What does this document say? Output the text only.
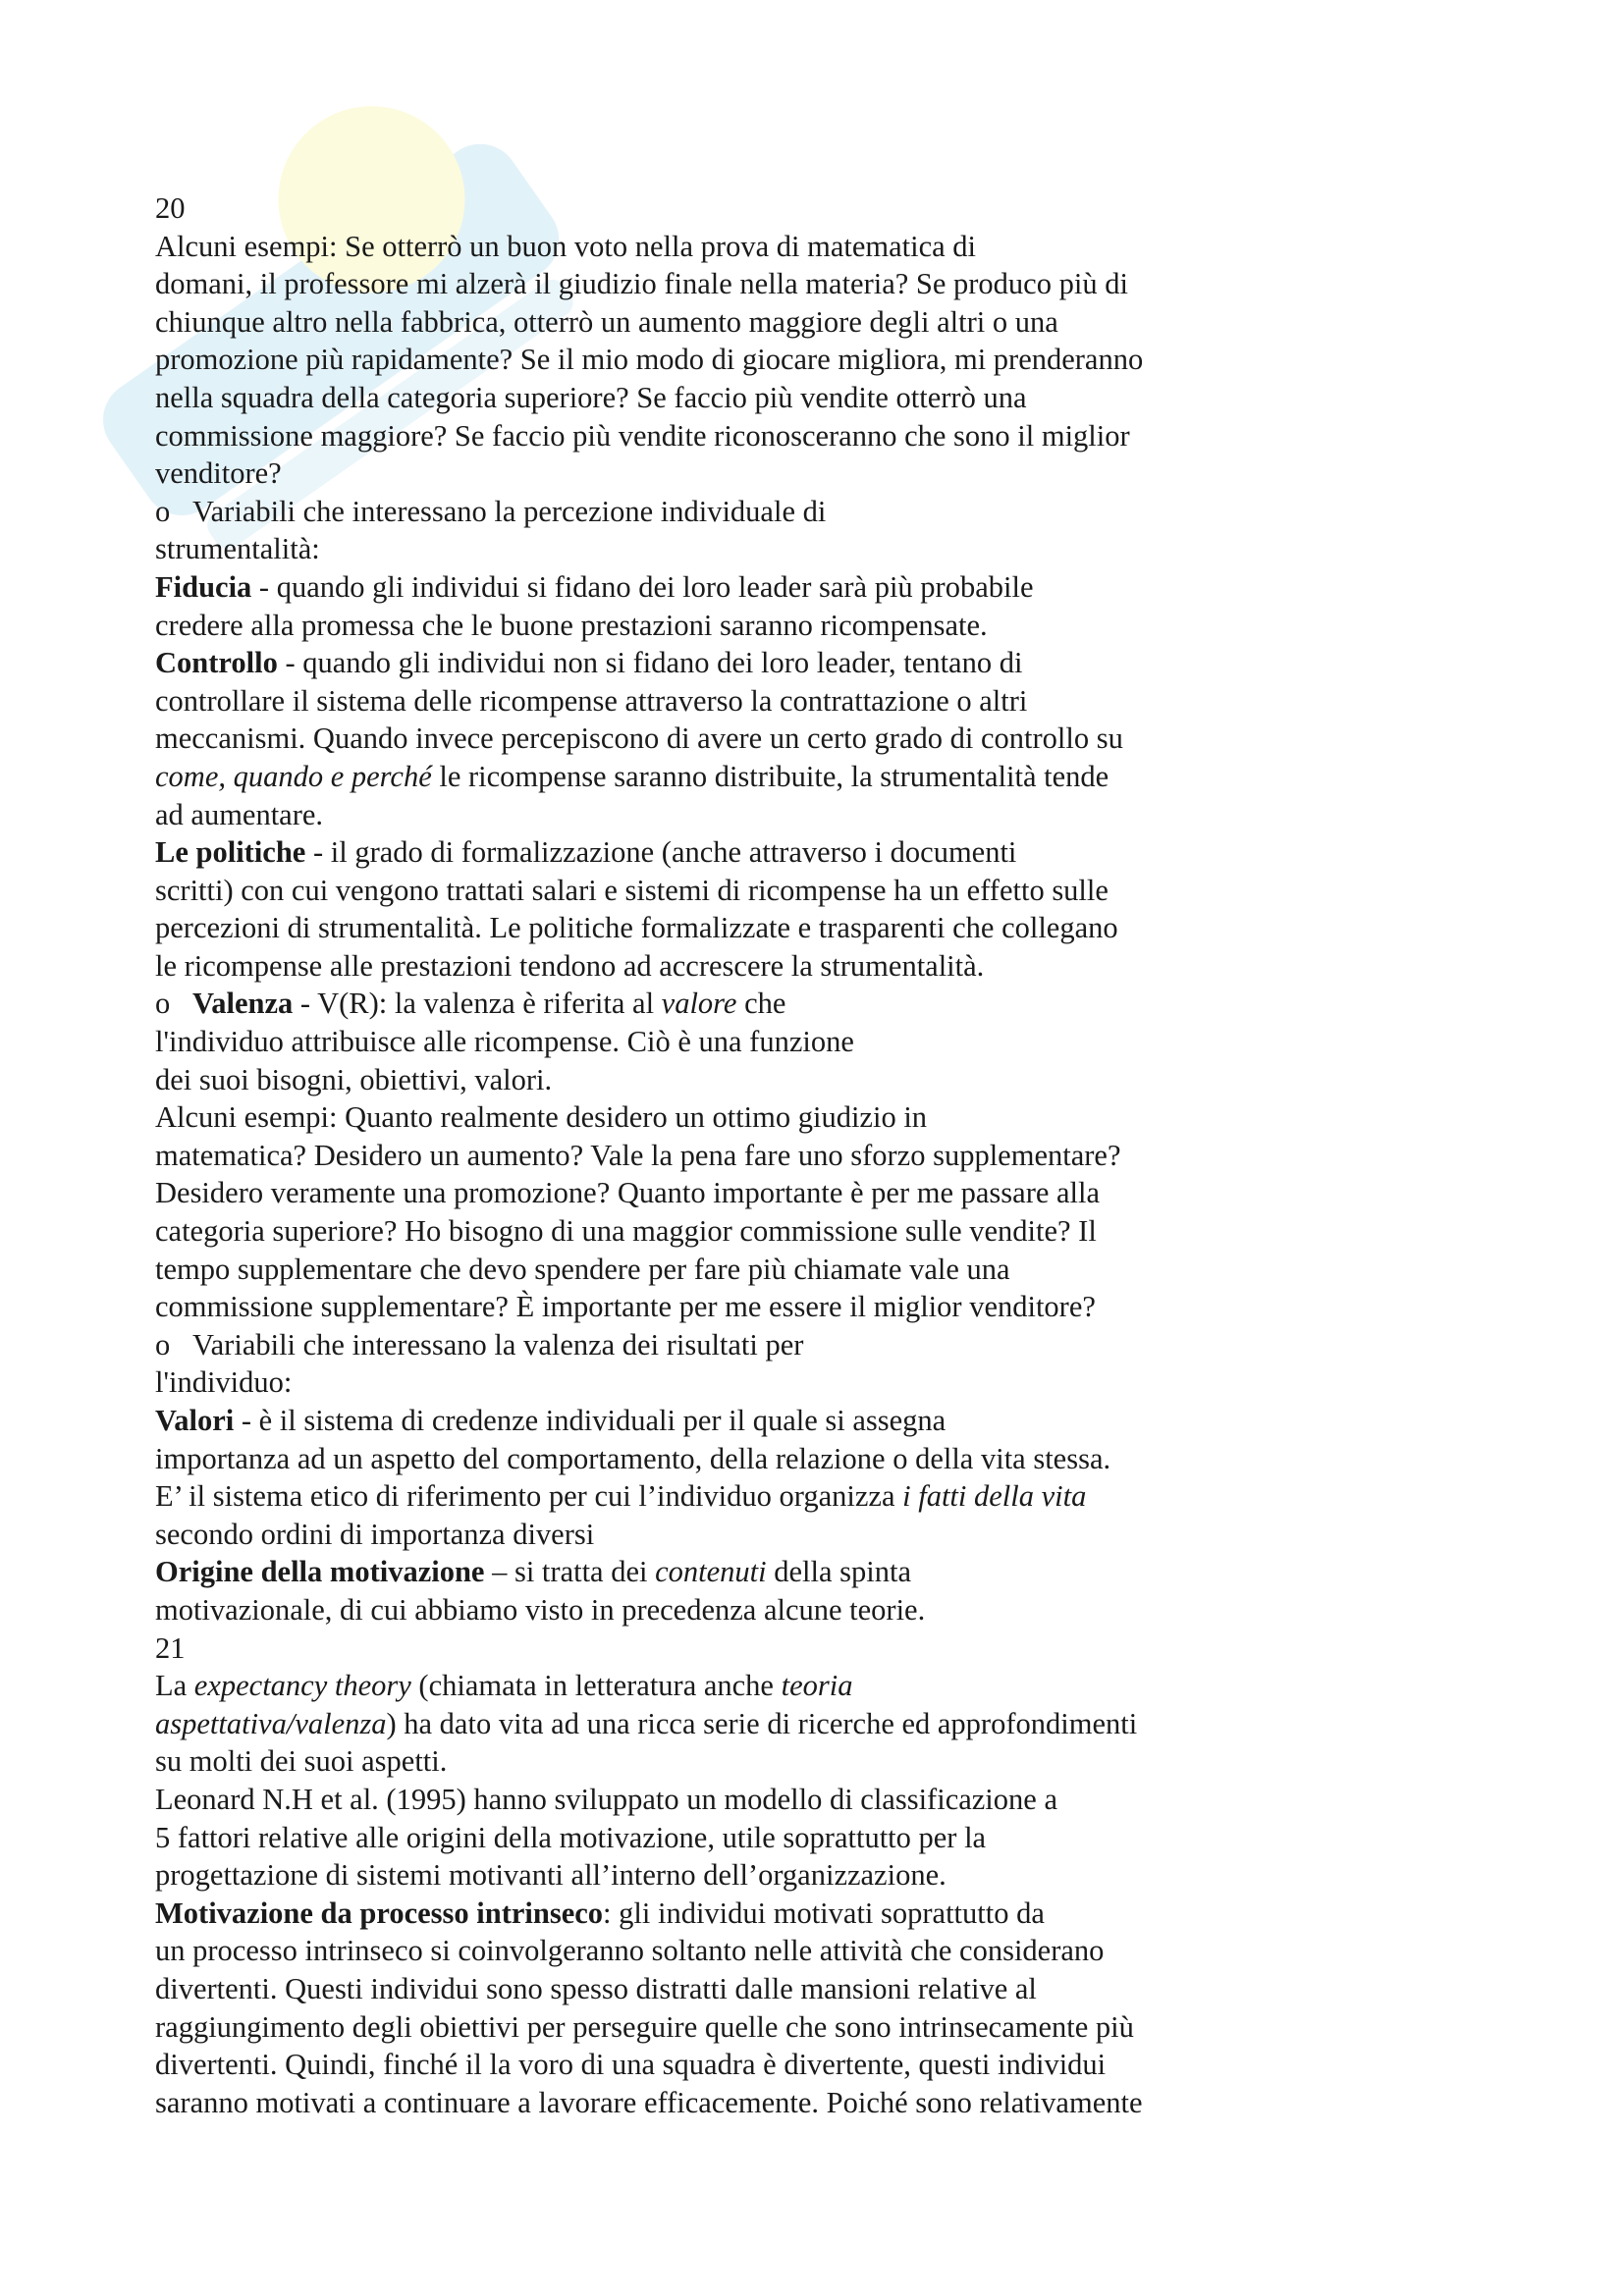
20
Alcuni esempi: Se otterrò un buon voto nella prova di matematica di
domani, il professore mi alzerà il giudizio finale nella materia? Se produco più di
chiunque altro nella fabbrica, otterrò un aumento maggiore degli altri o una
promozione più rapidamente? Se il mio modo di giocare migliora, mi prenderanno
nella squadra della categoria superiore? Se faccio più vendite otterrò una
commissione maggiore? Se faccio più vendite riconosceranno che sono il miglior
venditore?
o Variabili che interessano la percezione individuale di
strumentalità:
Fiducia - quando gli individui si fidano dei loro leader sarà più probabile
credere alla promessa che le buone prestazioni saranno ricompensate.
Controllo - quando gli individui non si fidano dei loro leader, tentano di
controllare il sistema delle ricompense attraverso la contrattazione o altri
meccanismi. Quando invece percepiscono di avere un certo grado di controllo su
come, quando e perché le ricompense saranno distribuite, la strumentalità tende
ad aumentare.
Le politiche - il grado di formalizzazione (anche attraverso i documenti
scritti) con cui vengono trattati salari e sistemi di ricompense ha un effetto sulle
percezioni di strumentalità. Le politiche formalizzate e trasparenti che collegano
le ricompense alle prestazioni tendono ad accrescere la strumentalità.
o Valenza - V(R): la valenza è riferita al valore che
l'individuo attribuisce alle ricompense. Ciò è una funzione
dei suoi bisogni, obiettivi, valori.
Alcuni esempi: Quanto realmente desidero un ottimo giudizio in
matematica? Desidero un aumento? Vale la pena fare uno sforzo supplementare?
Desidero veramente una promozione? Quanto importante è per me passare alla
categoria superiore? Ho bisogno di una maggior commissione sulle vendite? Il
tempo supplementare che devo spendere per fare più chiamate vale una
commissione supplementare? È importante per me essere il miglior venditore?
o Variabili che interessano la valenza dei risultati per
l'individuo:
Valori - è il sistema di credenze individuali per il quale si assegna
importanza ad un aspetto del comportamento, della relazione o della vita stessa.
E’ il sistema etico di riferimento per cui l’individuo organizza i fatti della vita
secondo ordini di importanza diversi
Origine della motivazione – si tratta dei contenuti della spinta
motivazionale, di cui abbiamo visto in precedenza alcune teorie.
21
La expectancy theory (chiamata in letteratura anche teoria
aspettativa/valenza) ha dato vita ad una ricca serie di ricerche ed approfondimenti
su molti dei suoi aspetti.
Leonard N.H et al. (1995) hanno sviluppato un modello di classificazione a
5 fattori relative alle origini della motivazione, utile soprattutto per la
progettazione di sistemi motivanti all’interno dell’organizzazione.
Motivazione da processo intrinseco: gli individui motivati soprattutto da
un processo intrinseco si coinvolgeranno soltanto nelle attività che considerano
divertenti. Questi individui sono spesso distratti dalle mansioni relative al
raggiungimento degli obiettivi per perseguire quelle che sono intrinsecamente più
divertenti. Quindi, finché il la voro di una squadra è divertente, questi individui
saranno motivati a continuare a lavorare efficacemente. Poiché sono relativamente
